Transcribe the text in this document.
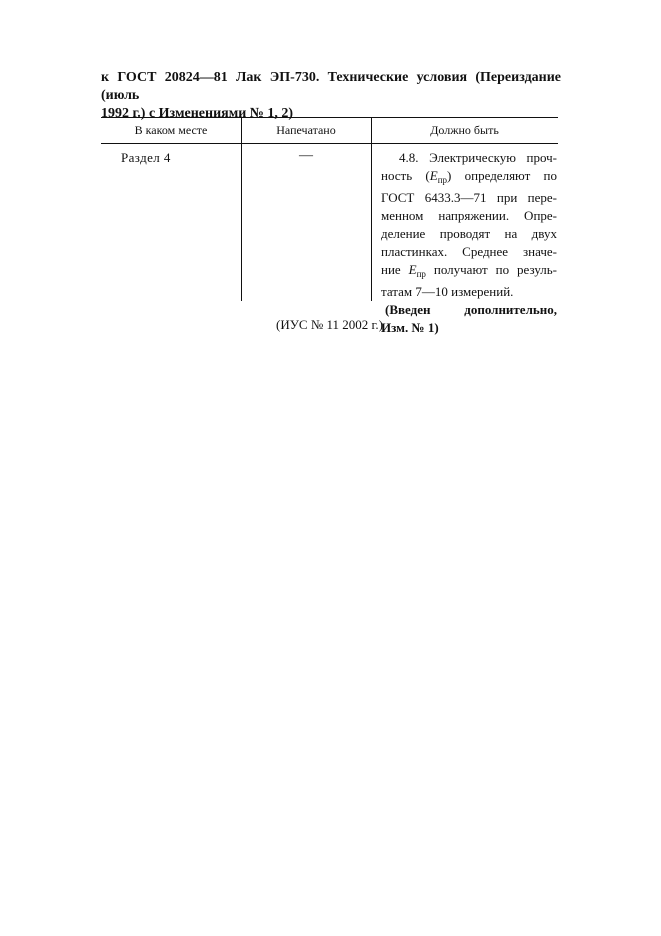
к ГОСТ 20824—81 Лак ЭП-730. Технические условия (Переиздание (июль
1992 г.) с Изменениями № 1, 2)
В каком месте	Напечатано	Должно быть
Раздел 4	—	4.8. Электрическую проч-
ность $(E_{пр})$ определяют по
ГОСТ 6433.3—71 при пере-
менном напряжении. Опре-
деление проводят на двух
пластинках. Среднее значе-
ние $E_{пр}$ получают по резуль-
татам 7—10 измерений.
(Введен дополнительно,
Изм. № 1)
(ИУС № 11 2002 г.)
